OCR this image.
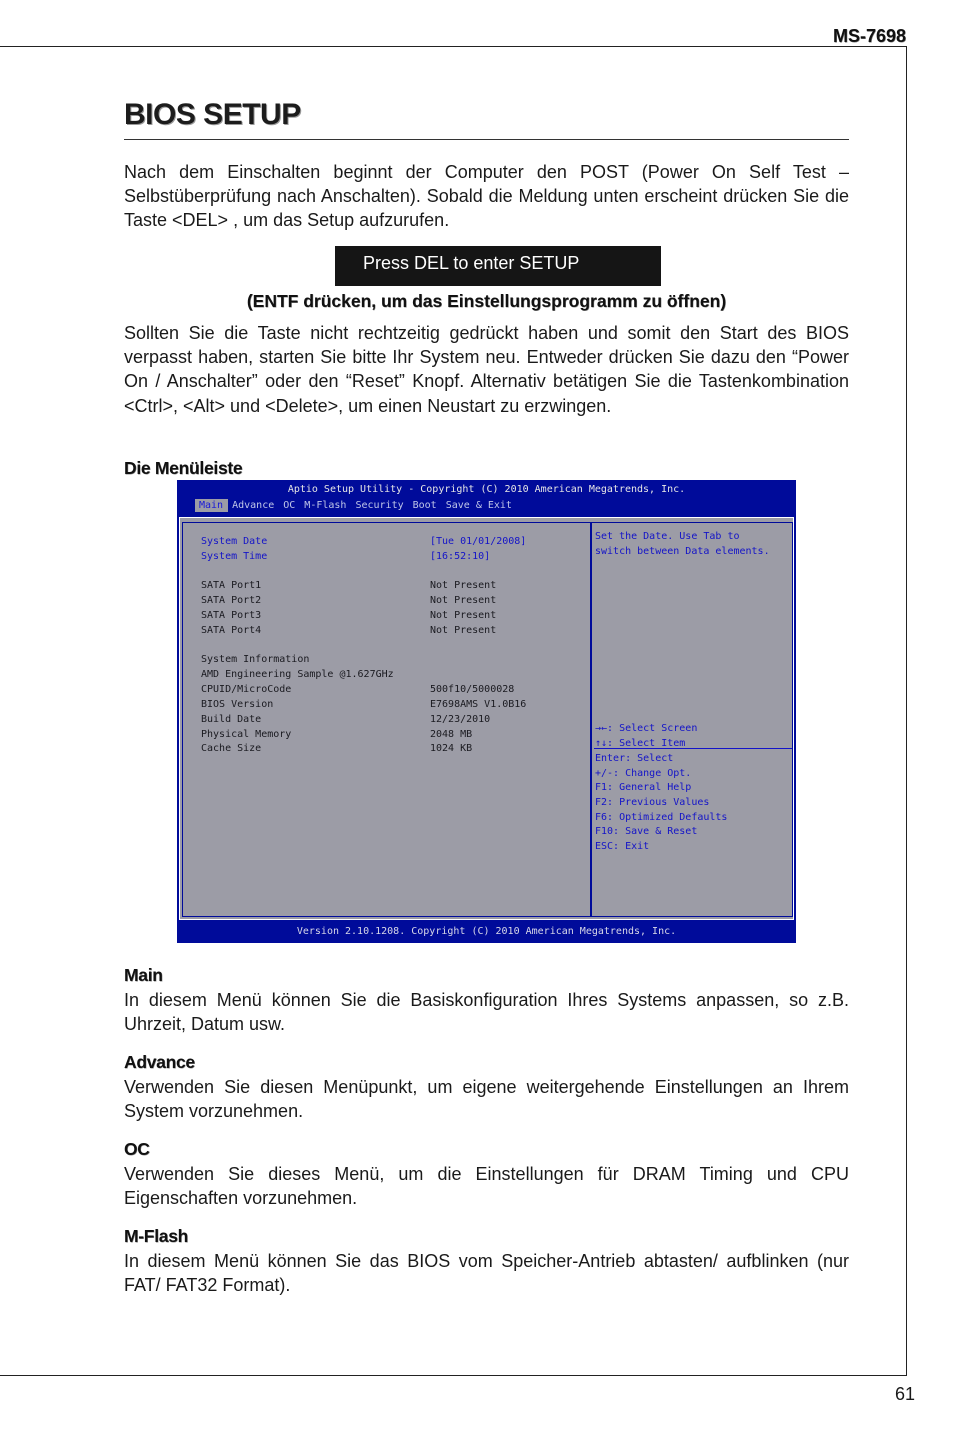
MS-7698
BIOS SETUP
Nach dem Einschalten beginnt der Computer den POST (Power On Self Test – Selbstüberprüfung nach Anschalten). Sobald die Meldung unten erscheint drücken Sie die Taste <DEL> , um das Setup aufzurufen.
Press DEL to enter SETUP
(ENTF drücken, um das Einstellungsprogramm zu öffnen)
Sollten Sie die Taste nicht rechtzeitig gedrückt haben und somit den Start des BIOS verpasst haben, starten Sie bitte Ihr System neu. Entweder drücken Sie dazu den “Power On / Anschalter” oder den “Reset” Knopf. Alternativ betätigen Sie die Tastenkombination <Ctrl>, <Alt> und <Delete>, um einen Neustart zu erzwingen.
Die Menüleiste
Aptio Setup Utility - Copyright (C) 2010 American Megatrends, Inc.
Main Advance OC M-Flash Security Boot Save & Exit
System Date	[Tue 01/01/2008]
System Time	[16:52:10]
SATA Port1	Not Present
SATA Port2	Not Present
SATA Port3	Not Present
SATA Port4	Not Present
System Information
AMD Engineering Sample @1.627GHz
CPUID/MicroCode	500f10/5000028
BIOS Version	E7698AMS V1.0B16
Build Date	12/23/2010
Physical Memory	2048 MB
Cache Size	1024 KB
Set the Date. Use Tab to
switch between Data elements.
→←: Select Screen
↑↓: Select Item
Enter: Select
+/-: Change Opt.
F1: General Help
F2: Previous Values
F6: Optimized Defaults
F10: Save & Reset
ESC: Exit
Version 2.10.1208. Copyright (C) 2010 American Megatrends, Inc.
Main
In diesem Menü können Sie die Basiskonfiguration Ihres Systems anpassen, so z.B. Uhrzeit, Datum usw.
Advance
Verwenden Sie diesen Menüpunkt, um eigene weitergehende Einstellungen an Ihrem System vorzunehmen.
OC
Verwenden Sie dieses Menü, um die Einstellungen für DRAM Timing und CPU Eigenschaften vorzunehmen.
M-Flash
In diesem Menü können Sie das BIOS vom Speicher-Antrieb abtasten/ aufblinken (nur FAT/ FAT32 Format).
61
